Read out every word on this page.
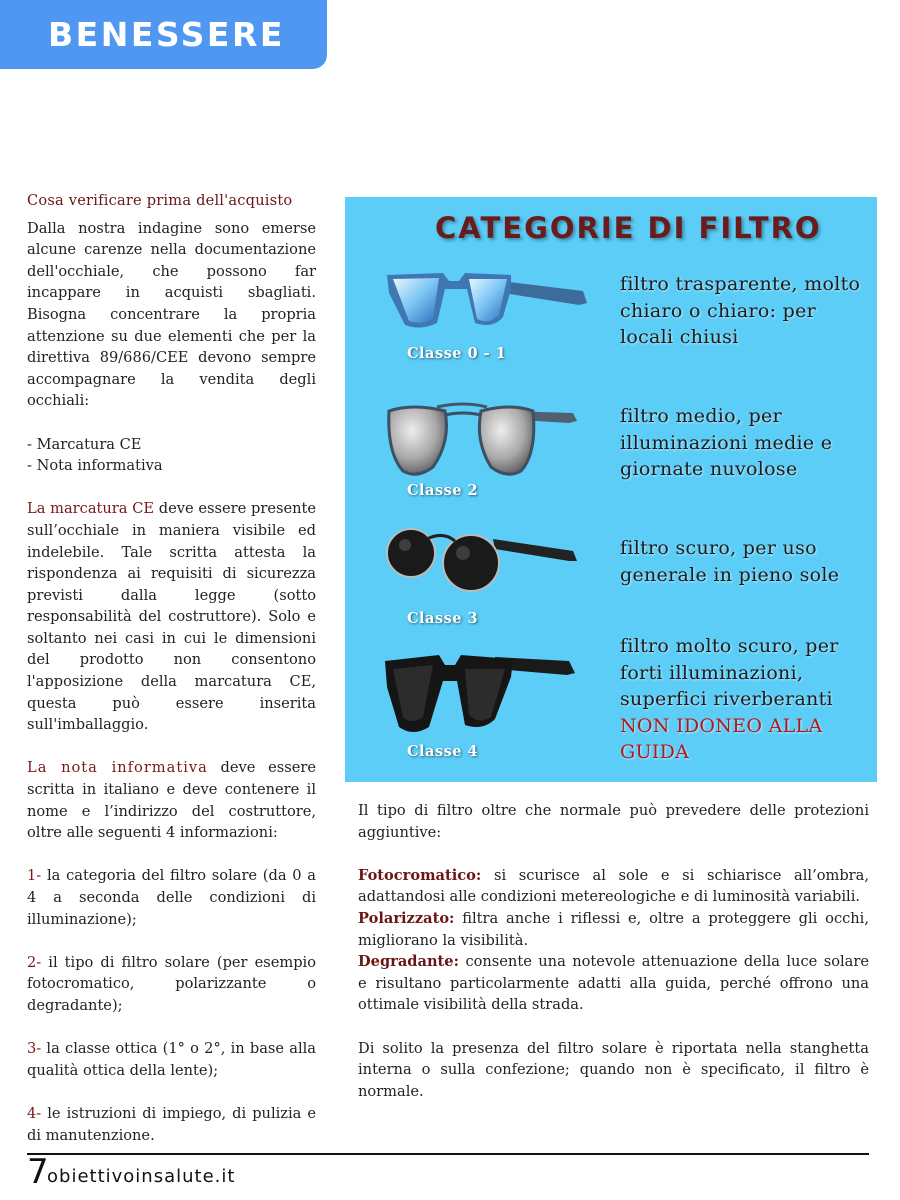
BENESSERE
Cosa verificare prima dell'acquisto

Dalla nostra indagine sono emerse alcune carenze nella documentazione dell'occhiale, che possono far incappare in acquisti sbagliati. Bisogna concentrare la propria attenzione su due elementi che per la direttiva 89/686/CEE devono sempre accompagnare la vendita degli occhiali:

- Marcatura CE

- Nota informativa

La marcatura CE deve essere presente sull’occhiale in maniera visibile ed indelebile. Tale scritta attesta la rispondenza ai requisiti di sicurezza previsti dalla legge (sotto responsabilità del costruttore). Solo e soltanto nei casi in cui le dimensioni del prodotto non consentono l'apposizione della marcatura CE, questa può essere inserita sull'imballaggio.

La nota informativa deve essere scritta in italiano e deve contenere il nome e l’indirizzo del costruttore, oltre alle seguenti 4 informazioni:

1- la categoria del filtro solare (da 0 a 4 a seconda delle condizioni di illuminazione);

2- il tipo di filtro solare (per esempio fotocromatico, polarizzante o degradante);

3- la classe ottica (1° o 2°, in base alla qualità ottica della lente);

4- le istruzioni di impiego, di pulizia e di manutenzione.

CATEGORIE DI FILTRO
Classe 0 - 1
filtro trasparente, molto chiaro o chiaro: per locali chiusi
Classe 2
filtro medio, per illuminazioni medie e giornate nuvolose
Classe 3
filtro scuro, per uso generale in pieno sole
Classe 4
filtro molto scuro, per forti illuminazioni, superfici riverberanti
NON IDONEO ALLA GUIDA

Il tipo di filtro oltre che normale può prevedere delle protezioni aggiuntive:

Fotocromatico: si scurisce al sole e si schiarisce all’ombra, adattandosi alle condizioni metereologiche e di luminosità variabili.

Polarizzato: filtra anche i riflessi e, oltre a proteggere gli occhi, migliorano la visibilità.

Degradante: consente una notevole attenuazione della luce solare e risultano particolarmente adatti alla guida, perché offrono una ottimale visibilità della strada.

Di solito la presenza del filtro solare è riportata nella stanghetta interna o sulla confezione; quando non è specificato, il filtro è normale.

7
obiettivoinsalute.it
